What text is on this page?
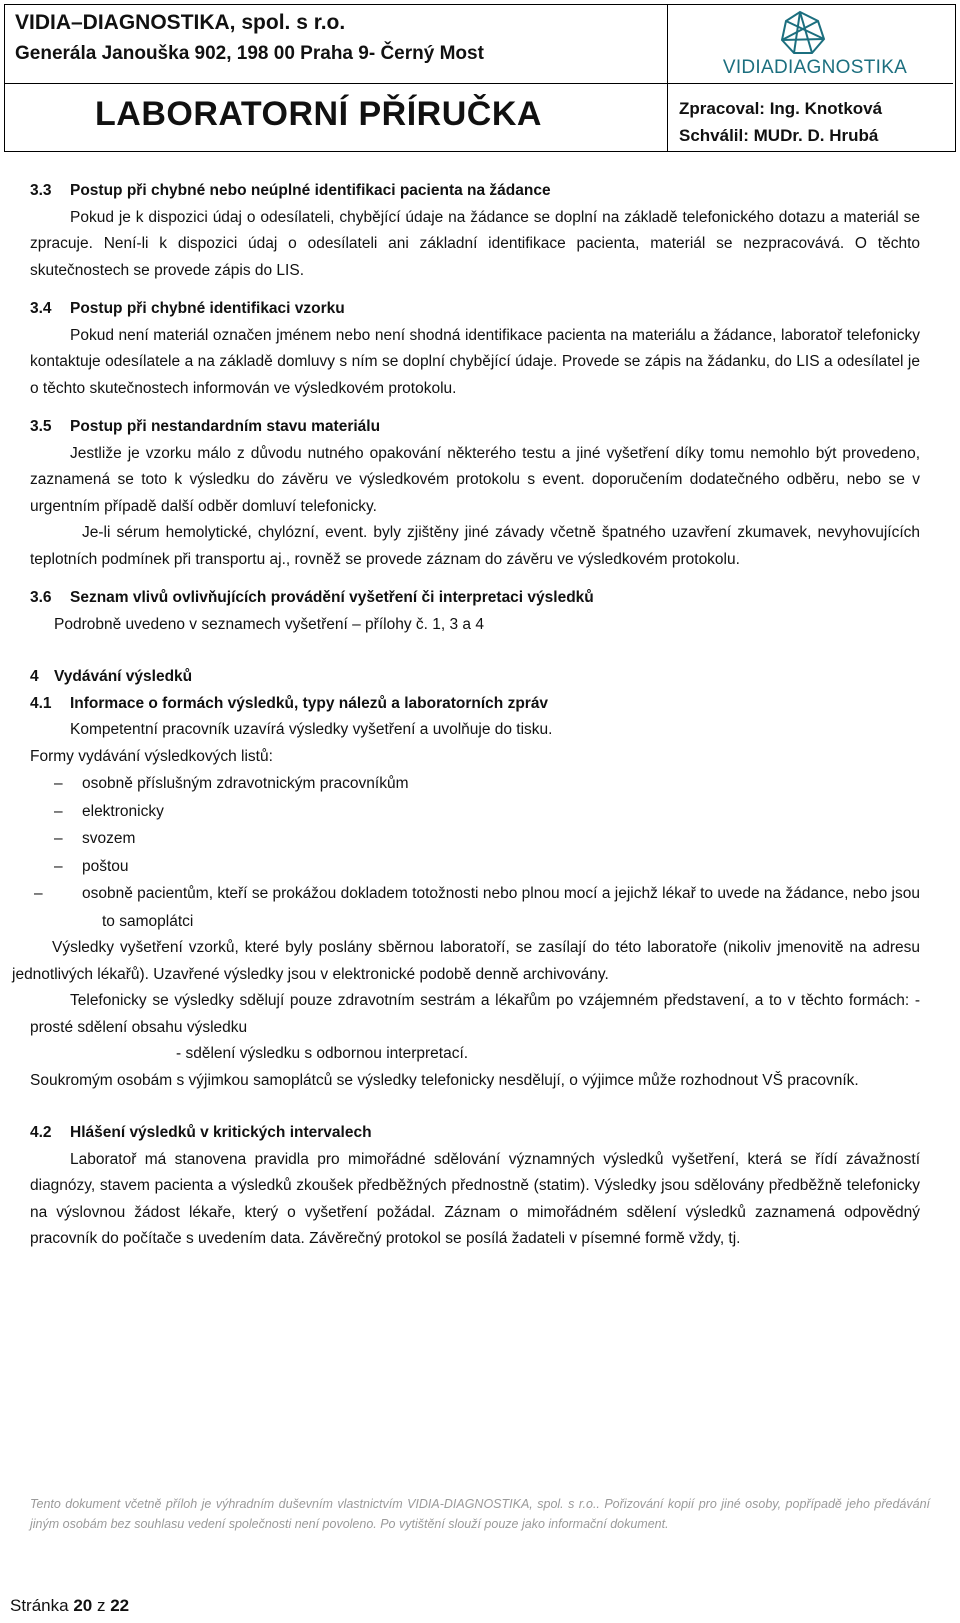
VIDIA–DIAGNOSTIKA, spol. s r.o.
Generála Janouška 902, 198 00 Praha 9- Černý Most
LABORATORNÍ PŘÍRUČKA
VIDIADIAGNOSTIKA
Zpracoval: Ing. Knotková
Schválil: MUDr. D. Hrubá
3.3 Postup při chybné nebo neúplné identifikaci pacienta na žádance

Pokud je k dispozici údaj o odesílateli, chybějící údaje na žádance se doplní na základě telefonického dotazu a materiál se zpracuje. Není-li k dispozici údaj o odesílateli ani základní identifikace pacienta, materiál se nezpracovává. O těchto skutečnostech se provede zápis do LIS.

3.4 Postup při chybné identifikaci vzorku

Pokud není materiál označen jménem nebo není shodná identifikace pacienta na materiálu a žádance, laboratoř telefonicky kontaktuje odesílatele a na základě domluvy s ním se doplní chybějící údaje. Provede se zápis na žádanku, do LIS a odesílatel je o těchto skutečnostech informován ve výsledkovém protokolu.

3.5 Postup při nestandardním stavu materiálu

Jestliže je vzorku málo z důvodu nutného opakování některého testu a jiné vyšetření díky tomu nemohlo být provedeno, zaznamená se toto k výsledku do závěru ve výsledkovém protokolu s event. doporučením dodatečného odběru, nebo se v urgentním případě další odběr domluví telefonicky.

Je-li sérum hemolytické, chylózní, event. byly zjištěny jiné závady včetně špatného uzavření zkumavek, nevyhovujících teplotních podmínek při transportu aj., rovněž se provede záznam do závěru ve výsledkovém protokolu.

3.6 Seznam vlivů ovlivňujících provádění vyšetření či interpretaci výsledků

Podrobně uvedeno v seznamech vyšetření – přílohy č. 1, 3 a 4

4 Vydávání výsledků
4.1 Informace o formách výsledků, typy nálezů a laboratorních zpráv

Kompetentní pracovník uzavírá výsledky vyšetření a uvolňuje do tisku.

Formy vydávání výsledkových listů:

– osobně příslušným zdravotnickým pracovníkům

– elektronicky

– svozem

– poštou

–	osobně pacientům, kteří se prokážou dokladem totožnosti nebo plnou mocí a jejichž lékař to uvede na žádance, nebo jsou to samoplátci

Výsledky vyšetření vzorků, které byly poslány sběrnou laboratoří, se zasílají do této laboratoře (nikoliv jmenovitě na adresu jednotlivých lékařů). Uzavřené výsledky jsou v elektronické podobě denně archivovány.

Telefonicky se výsledky sdělují pouze zdravotním sestrám a lékařům po vzájemném představení, a to v těchto formách: - prosté sdělení obsahu výsledku

- sdělení výsledku s odbornou interpretací.

Soukromým osobám s výjimkou samoplátců se výsledky telefonicky nesdělují, o výjimce může rozhodnout VŠ pracovník.

4.2 Hlášení výsledků v kritických intervalech

Laboratoř má stanovena pravidla pro mimořádné sdělování významných výsledků vyšetření, která se řídí závažností diagnózy, stavem pacienta a výsledků zkoušek předběžných přednostně (statim). Výsledky jsou sdělovány předběžně telefonicky na výslovnou žádost lékaře, který o vyšetření požádal. Záznam o mimořádném sdělení výsledků zaznamená odpovědný pracovník do počítače s uvedením data. Závěrečný protokol se posílá žadateli v písemné formě vždy, tj.

Tento dokument včetně příloh je výhradním duševním vlastnictvím VIDIA-DIAGNOSTIKA, spol. s r.o.. Pořizování kopií pro jiné osoby, popřípadě jeho předávání jiným osobám bez souhlasu vedení společnosti není povoleno. Po vytištění slouží pouze jako informační dokument.
Stránka 20 z 22
